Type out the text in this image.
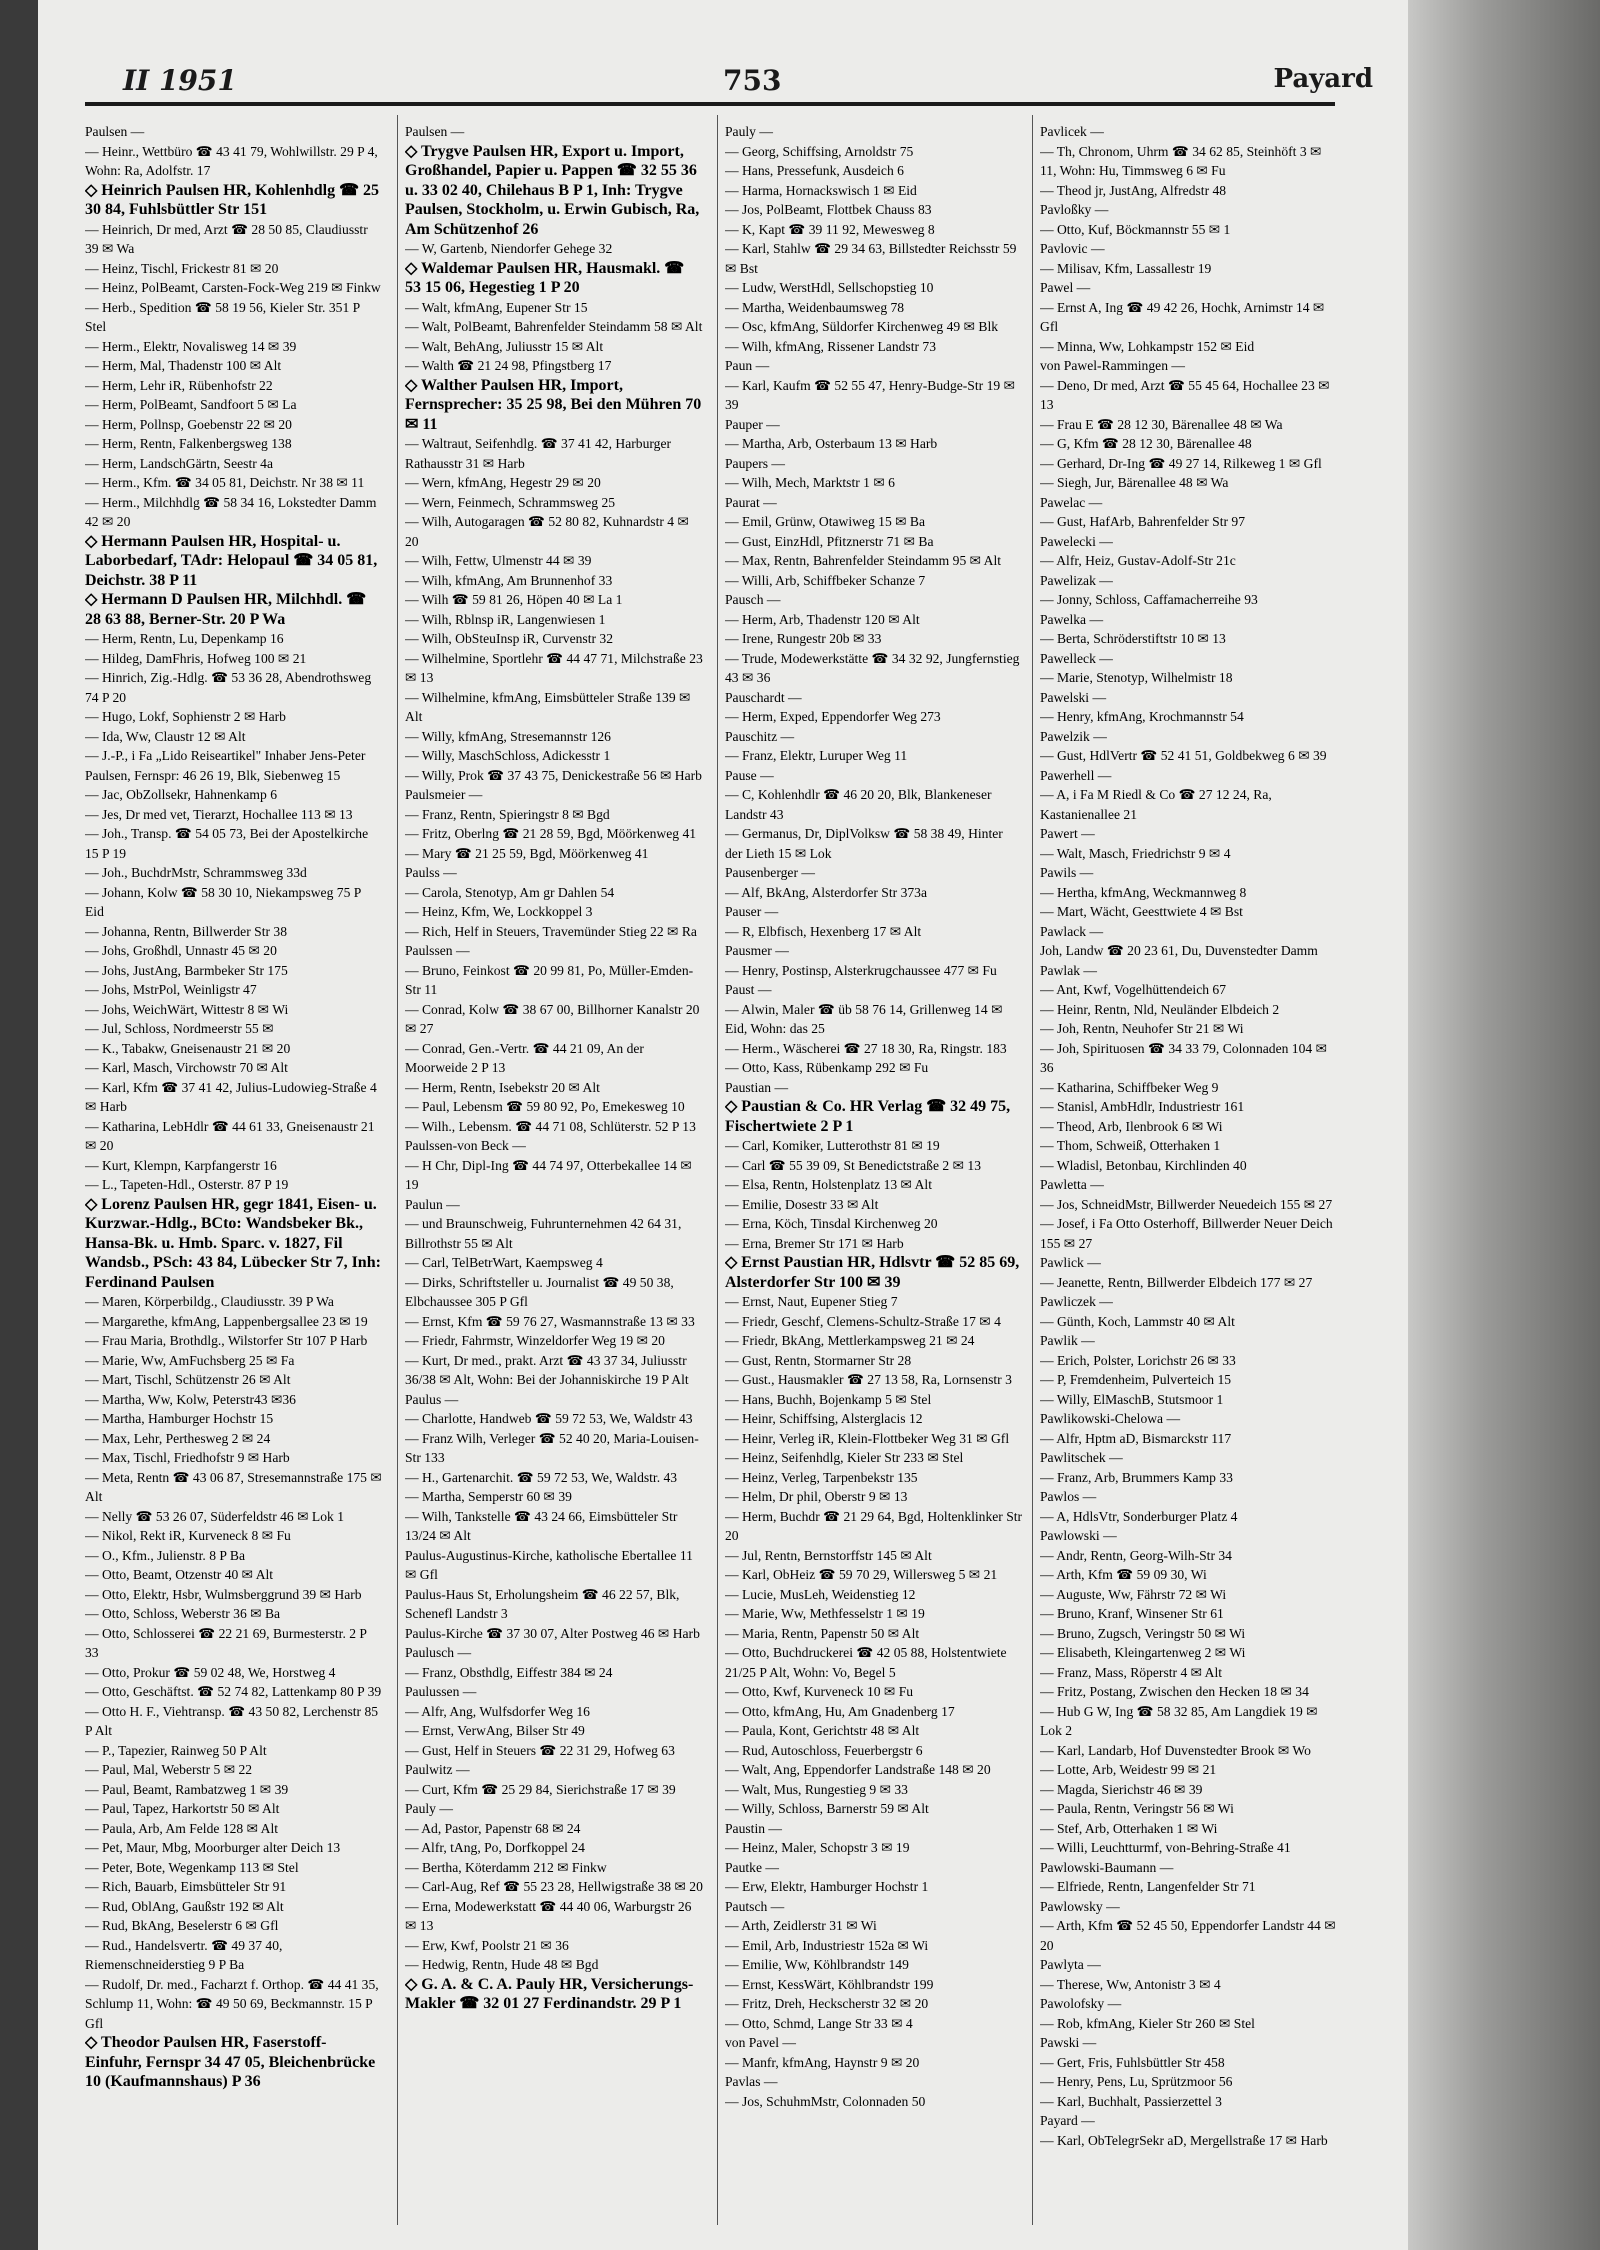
II 1951	753	Payard
Paulsen —
— Heinr., Wettbüro ☎ 43 41 79, Wohlwillstr. 29 P 4, Wohn: Ra, Adolfstr. 17
◇ Heinrich Paulsen HR, Kohlenhdlg ☎ 25 30 84, Fuhlsbüttler Str 151
— Heinrich, Dr med, Arzt ☎ 28 50 85, Claudiusstr 39 ✉ Wa
— Heinz, Tischl, Frickestr 81 ✉ 20
— Heinz, PolBeamt, Carsten-Fock-Weg 219 ✉ Finkw
— Herb., Spedition ☎ 58 19 56, Kieler Str. 351 P Stel
— Herm., Elektr, Novalisweg 14 ✉ 39
— Herm, Mal, Thadenstr 100 ✉ Alt
— Herm, Lehr iR, Rübenhofstr 22
— Herm, PolBeamt, Sandfoort 5 ✉ La
— Herm, Pollnsp, Goebenstr 22 ✉ 20
— Herm, Rentn, Falkenbergsweg 138
— Herm, LandschGärtn, Seestr 4a
— Herm., Kfm. ☎ 34 05 81, Deichstr. Nr 38 ✉ 11
— Herm., Milchhdlg ☎ 58 34 16, Lokstedter Damm 42 ✉ 20
◇ Hermann Paulsen HR, Hospital- u. Laborbedarf, TAdr: Helopaul ☎ 34 05 81, Deichstr. 38 P 11
◇ Hermann D Paulsen HR, Milchhdl. ☎ 28 63 88, Berner-Str. 20 P Wa
— Herm, Rentn, Lu, Depenkamp 16
— Hildeg, DamFhris, Hofweg 100 ✉ 21
— Hinrich, Zig.-Hdlg. ☎ 53 36 28, Abendrothsweg 74 P 20
— Hugo, Lokf, Sophienstr 2 ✉ Harb
— Ida, Ww, Claustr 12 ✉ Alt
— J.-P., i Fa „Lido Reiseartikel" Inhaber Jens-Peter Paulsen, Fernspr: 46 26 19, Blk, Siebenweg 15
— Jac, ObZollsekr, Hahnenkamp 6
— Jes, Dr med vet, Tierarzt, Hochallee 113 ✉ 13
— Joh., Transp. ☎ 54 05 73, Bei der Apostelkirche 15 P 19
— Joh., BuchdrMstr, Schrammsweg 33d
— Johann, Kolw ☎ 58 30 10, Niekampsweg 75 P Eid
— Johanna, Rentn, Billwerder Str 38
— Johs, Großhdl, Unnastr 45 ✉ 20
— Johs, JustAng, Barmbeker Str 175
— Johs, MstrPol, Weinligstr 47
— Johs, WeichWärt, Wittestr 8 ✉ Wi
— Jul, Schloss, Nordmeerstr 55 ✉
— K., Tabakw, Gneisenaustr 21 ✉ 20
— Karl, Masch, Virchowstr 70 ✉ Alt
— Karl, Kfm ☎ 37 41 42, Julius-Ludowieg-Straße 4 ✉ Harb
— Katharina, LebHdlr ☎ 44 61 33, Gneisenaustr 21 ✉ 20
— Kurt, Klempn, Karpfangerstr 16
— L., Tapeten-Hdl., Osterstr. 87 P 19
◇ Lorenz Paulsen HR, gegr 1841, Eisen- u. Kurzwar.-Hdlg., BCto: Wandsbeker Bk., Hansa-Bk. u. Hmb. Sparc. v. 1827, Fil Wandsb., PSch: 43 84, Lübecker Str 7, Inh: Ferdinand Paulsen
— Maren, Körperbildg., Claudiusstr. 39 P Wa
— Margarethe, kfmAng, Lappenbergsallee 23 ✉ 19
— Frau Maria, Brothdlg., Wilstorfer Str 107 P Harb
— Marie, Ww, AmFuchsberg 25 ✉ Fa
— Mart, Tischl, Schützenstr 26 ✉ Alt
— Martha, Ww, Kolw, Peterstr43 ✉36
— Martha, Hamburger Hochstr 15
— Max, Lehr, Perthesweg 2 ✉ 24
— Max, Tischl, Friedhofstr 9 ✉ Harb
— Meta, Rentn ☎ 43 06 87, Stresemannstraße 175 ✉ Alt
— Nelly ☎ 53 26 07, Süderfeldstr 46 ✉ Lok 1
— Nikol, Rekt iR, Kurveneck 8 ✉ Fu
— O., Kfm., Julienstr. 8 P Ba
— Otto, Beamt, Otzenstr 40 ✉ Alt
— Otto, Elektr, Hsbr, Wulmsberggrund 39 ✉ Harb
— Otto, Schloss, Weberstr 36 ✉ Ba
— Otto, Schlosserei ☎ 22 21 69, Burmesterstr. 2 P 33
— Otto, Prokur ☎ 59 02 48, We, Horstweg 4
— Otto, Geschäftst. ☎ 52 74 82, Lattenkamp 80 P 39
— Otto H. F., Viehtransp. ☎ 43 50 82, Lerchenstr 85 P Alt
— P., Tapezier, Rainweg 50 P Alt
— Paul, Mal, Weberstr 5 ✉ 22
— Paul, Beamt, Rambatzweg 1 ✉ 39
— Paul, Tapez, Harkortstr 50 ✉ Alt
— Paula, Arb, Am Felde 128 ✉ Alt
— Pet, Maur, Mbg, Moorburger alter Deich 13
— Peter, Bote, Wegenkamp 113 ✉ Stel
— Rich, Bauarb, Eimsbütteler Str 91
— Rud, OblAng, Gaußstr 192 ✉ Alt
— Rud, BkAng, Beselerstr 6 ✉ Gfl
— Rud., Handelsvertr. ☎ 49 37 40, Riemenschneiderstieg 9 P Ba
— Rudolf, Dr. med., Facharzt f. Orthop. ☎ 44 41 35, Schlump 11, Wohn: ☎ 49 50 69, Beckmannstr. 15 P Gfl
◇ Theodor Paulsen HR, Faserstoff-Einfuhr, Fernspr 34 47 05, Bleichenbrücke 10 (Kaufmannshaus) P 36
Paulsen —
◇ Trygve Paulsen HR, Export u. Import, Großhandel, Papier u. Pappen ☎ 32 55 36 u. 33 02 40, Chilehaus B P 1, Inh: Trygve Paulsen, Stockholm, u. Erwin Gubisch, Ra, Am Schützenhof 26
— W, Gartenb, Niendorfer Gehege 32
◇ Waldemar Paulsen HR, Hausmakl. ☎ 53 15 06, Hegestieg 1 P 20
— Walt, kfmAng, Eupener Str 15
— Walt, PolBeamt, Bahrenfelder Steindamm 58 ✉ Alt
— Walt, BehAng, Juliusstr 15 ✉ Alt
— Walth ☎ 21 24 98, Pfingstberg 17
◇ Walther Paulsen HR, Import, Fernsprecher: 35 25 98, Bei den Mühren 70 ✉ 11
— Waltraut, Seifenhdlg. ☎ 37 41 42, Harburger Rathausstr 31 ✉ Harb
— Wern, kfmAng, Hegestr 29 ✉ 20
— Wern, Feinmech, Schrammsweg 25
— Wilh, Autogaragen ☎ 52 80 82, Kuhnardstr 4 ✉ 20
— Wilh, Fettw, Ulmenstr 44 ✉ 39
— Wilh, kfmAng, Am Brunnenhof 33
— Wilh ☎ 59 81 26, Höpen 40 ✉ La 1
— Wilh, Rblnsp iR, Langenwiesen 1
— Wilh, ObSteuInsp iR, Curvenstr 32
— Wilhelmine, Sportlehr ☎ 44 47 71, Milchstraße 23 ✉ 13
— Wilhelmine, kfmAng, Eimsbütteler Straße 139 ✉ Alt
— Willy, kfmAng, Stresemannstr 126
— Willy, MaschSchloss, Adickesstr 1
— Willy, Prok ☎ 37 43 75, Denickestraße 56 ✉ Harb
Paulsmeier —
— Franz, Rentn, Spieringstr 8 ✉ Bgd
— Fritz, Oberlng ☎ 21 28 59, Bgd, Möörkenweg 41
— Mary ☎ 21 25 59, Bgd, Möörkenweg 41
Paulss —
— Carola, Stenotyp, Am gr Dahlen 54
— Heinz, Kfm, We, Lockkoppel 3
— Rich, Helf in Steuers, Travemünder Stieg 22 ✉ Ra
Paulssen —
— Bruno, Feinkost ☎ 20 99 81, Po, Müller-Emden-Str 11
— Conrad, Kolw ☎ 38 67 00, Billhorner Kanalstr 20 ✉ 27
— Conrad, Gen.-Vertr. ☎ 44 21 09, An der Moorweide 2 P 13
— Herm, Rentn, Isebekstr 20 ✉ Alt
— Paul, Lebensm ☎ 59 80 92, Po, Emekesweg 10
— Wilh., Lebensm. ☎ 44 71 08, Schlüterstr. 52 P 13
Paulssen-von Beck —
— H Chr, Dipl-Ing ☎ 44 74 97, Otterbekallee 14 ✉ 19
Paulun —
— und Braunschweig, Fuhrunternehmen 42 64 31, Billrothstr 55 ✉ Alt
— Carl, TelBetrWart, Kaempsweg 4
— Dirks, Schriftsteller u. Journalist ☎ 49 50 38, Elbchaussee 305 P Gfl
— Ernst, Kfm ☎ 59 76 27, Wasmannstraße 13 ✉ 33
— Friedr, Fahrmstr, Winzeldorfer Weg 19 ✉ 20
— Kurt, Dr med., prakt. Arzt ☎ 43 37 34, Juliusstr 36/38 ✉ Alt, Wohn: Bei der Johanniskirche 19 P Alt
Paulus —
— Charlotte, Handweb ☎ 59 72 53, We, Waldstr 43
— Franz Wilh, Verleger ☎ 52 40 20, Maria-Louisen-Str 133
— H., Gartenarchit. ☎ 59 72 53, We, Waldstr. 43
— Martha, Semperstr 60 ✉ 39
— Wilh, Tankstelle ☎ 43 24 66, Eimsbütteler Str 13/24 ✉ Alt
Paulus-Augustinus-Kirche, katholische Ebertallee 11 ✉ Gfl
Paulus-Haus St, Erholungsheim ☎ 46 22 57, Blk, Schenefl Landstr 3
Paulus-Kirche ☎ 37 30 07, Alter Postweg 46 ✉ Harb
Paulusch —
— Franz, Obsthdlg, Eiffestr 384 ✉ 24
Paulussen —
— Alfr, Ang, Wulfsdorfer Weg 16
— Ernst, VerwAng, Bilser Str 49
— Gust, Helf in Steuers ☎ 22 31 29, Hofweg 63
Paulwitz —
— Curt, Kfm ☎ 25 29 84, Sierichstraße 17 ✉ 39
Pauly —
— Ad, Pastor, Papenstr 68 ✉ 24
— Alfr, tAng, Po, Dorfkoppel 24
— Bertha, Köterdamm 212 ✉ Finkw
— Carl-Aug, Ref ☎ 55 23 28, Hellwigstraße 38 ✉ 20
— Erna, Modewerkstatt ☎ 44 40 06, Warburgstr 26 ✉ 13
— Erw, Kwf, Poolstr 21 ✉ 36
— Hedwig, Rentn, Hude 48 ✉ Bgd
◇ G. A. & C. A. Pauly HR, Versicherungs-Makler ☎ 32 01 27 Ferdinandstr. 29 P 1
Pauly —
— Georg, Schiffsing, Arnoldstr 75
— Hans, Pressefunk, Ausdeich 6
— Harma, Hornackswisch 1 ✉ Eid
— Jos, PolBeamt, Flottbek Chauss 83
— K, Kapt ☎ 39 11 92, Mewesweg 8
— Karl, Stahlw ☎ 29 34 63, Billstedter Reichsstr 59 ✉ Bst
— Ludw, WerstHdl, Sellschopstieg 10
— Martha, Weidenbaumsweg 78
— Osc, kfmAng, Süldorfer Kirchenweg 49 ✉ Blk
— Wilh, kfmAng, Rissener Landstr 73
Paun —
— Karl, Kaufm ☎ 52 55 47, Henry-Budge-Str 19 ✉ 39
Pauper —
— Martha, Arb, Osterbaum 13 ✉ Harb
Paupers —
— Wilh, Mech, Marktstr 1 ✉ 6
Paurat —
— Emil, Grünw, Otawiweg 15 ✉ Ba
— Gust, EinzHdl, Pfitznerstr 71 ✉ Ba
— Max, Rentn, Bahrenfelder Steindamm 95 ✉ Alt
— Willi, Arb, Schiffbeker Schanze 7
Pausch —
— Herm, Arb, Thadenstr 120 ✉ Alt
— Irene, Rungestr 20b ✉ 33
— Trude, Modewerkstätte ☎ 34 32 92, Jungfernstieg 43 ✉ 36
Pauschardt —
— Herm, Exped, Eppendorfer Weg 273
Pauschitz —
— Franz, Elektr, Luruper Weg 11
Pause —
— C, Kohlenhdlr ☎ 46 20 20, Blk, Blankeneser Landstr 43
— Germanus, Dr, DiplVolksw ☎ 58 38 49, Hinter der Lieth 15 ✉ Lok
Pausenberger —
— Alf, BkAng, Alsterdorfer Str 373a
Pauser —
— R, Elbfisch, Hexenberg 17 ✉ Alt
Pausmer —
— Henry, Postinsp, Alsterkrugchaussee 477 ✉ Fu
Paust —
— Alwin, Maler ☎ üb 58 76 14, Grillenweg 14 ✉ Eid, Wohn: das 25
— Herm., Wäscherei ☎ 27 18 30, Ra, Ringstr. 183
— Otto, Kass, Rübenkamp 292 ✉ Fu
Paustian —
◇ Paustian & Co. HR Verlag ☎ 32 49 75, Fischertwiete 2 P 1
— Carl, Komiker, Lutterothstr 81 ✉ 19
— Carl ☎ 55 39 09, St Benedictstraße 2 ✉ 13
— Elsa, Rentn, Holstenplatz 13 ✉ Alt
— Emilie, Dosestr 33 ✉ Alt
— Erna, Köch, Tinsdal Kirchenweg 20
— Erna, Bremer Str 171 ✉ Harb
◇ Ernst Paustian HR, Hdlsvtr ☎ 52 85 69, Alsterdorfer Str 100 ✉ 39
— Ernst, Naut, Eupener Stieg 7
— Friedr, Geschf, Clemens-Schultz-Straße 17 ✉ 4
— Friedr, BkAng, Mettlerkampsweg 21 ✉ 24
— Gust, Rentn, Stormarner Str 28
— Gust., Hausmakler ☎ 27 13 58, Ra, Lornsenstr 3
— Hans, Buchh, Bojenkamp 5 ✉ Stel
— Heinr, Schiffsing, Alsterglacis 12
— Heinr, Verleg iR, Klein-Flottbeker Weg 31 ✉ Gfl
— Heinz, Seifenhdlg, Kieler Str 233 ✉ Stel
— Heinz, Verleg, Tarpenbekstr 135
— Helm, Dr phil, Oberstr 9 ✉ 13
— Herm, Buchdr ☎ 21 29 64, Bgd, Holtenklinker Str 20
— Jul, Rentn, Bernstorffstr 145 ✉ Alt
— Karl, ObHeiz ☎ 59 70 29, Willersweg 5 ✉ 21
— Lucie, MusLeh, Weidenstieg 12
— Marie, Ww, Methfesselstr 1 ✉ 19
— Maria, Rentn, Papenstr 50 ✉ Alt
— Otto, Buchdruckerei ☎ 42 05 88, Holstentwiete 21/25 P Alt, Wohn: Vo, Begel 5
— Otto, Kwf, Kurveneck 10 ✉ Fu
— Otto, kfmAng, Hu, Am Gnadenberg 17
— Paula, Kont, Gerichtstr 48 ✉ Alt
— Rud, Autoschloss, Feuerbergstr 6
— Walt, Ang, Eppendorfer Landstraße 148 ✉ 20
— Walt, Mus, Rungestieg 9 ✉ 33
— Willy, Schloss, Barnerstr 59 ✉ Alt
Paustin —
— Heinz, Maler, Schopstr 3 ✉ 19
Pautke —
— Erw, Elektr, Hamburger Hochstr 1
Pautsch —
— Arth, Zeidlerstr 31 ✉ Wi
— Emil, Arb, Industriestr 152a ✉ Wi
— Emilie, Ww, Köhlbrandstr 149
— Ernst, KessWärt, Köhlbrandstr 199
— Fritz, Dreh, Heckscherstr 32 ✉ 20
— Otto, Schmd, Lange Str 33 ✉ 4
von Pavel —
— Manfr, kfmAng, Haynstr 9 ✉ 20
Pavlas —
— Jos, SchuhmMstr, Colonnaden 50
Pavlicek —
— Th, Chronom, Uhrm ☎ 34 62 85, Steinhöft 3 ✉ 11, Wohn: Hu, Timmsweg 6 ✉ Fu
— Theod jr, JustAng, Alfredstr 48
Pavloßky —
— Otto, Kuf, Böckmannstr 55 ✉ 1
Pavlovic —
— Milisav, Kfm, Lassallestr 19
Pawel —
— Ernst A, Ing ☎ 49 42 26, Hochk, Arnimstr 14 ✉ Gfl
— Minna, Ww, Lohkampstr 152 ✉ Eid
von Pawel-Rammingen —
— Deno, Dr med, Arzt ☎ 55 45 64, Hochallee 23 ✉ 13
— Frau E ☎ 28 12 30, Bärenallee 48 ✉ Wa
— G, Kfm ☎ 28 12 30, Bärenallee 48
— Gerhard, Dr-Ing ☎ 49 27 14, Rilkeweg 1 ✉ Gfl
— Siegh, Jur, Bärenallee 48 ✉ Wa
Pawelac —
— Gust, HafArb, Bahrenfelder Str 97
Pawelecki —
— Alfr, Heiz, Gustav-Adolf-Str 21c
Pawelizak —
— Jonny, Schloss, Caffamacherreihe 93
Pawelka —
— Berta, Schröderstiftstr 10 ✉ 13
Pawelleck —
— Marie, Stenotyp, Wilhelmistr 18
Pawelski —
— Henry, kfmAng, Krochmannstr 54
Pawelzik —
— Gust, HdlVertr ☎ 52 41 51, Goldbekweg 6 ✉ 39
Pawerhell —
— A, i Fa M Riedl & Co ☎ 27 12 24, Ra, Kastanienallee 21
Pawert —
— Walt, Masch, Friedrichstr 9 ✉ 4
Pawils —
— Hertha, kfmAng, Weckmannweg 8
— Mart, Wächt, Geesttwiete 4 ✉ Bst
Pawlack —
Joh, Landw ☎ 20 23 61, Du, Duvenstedter Damm
Pawlak —
— Ant, Kwf, Vogelhüttendeich 67
— Heinr, Rentn, Nld, Neuländer Elbdeich 2
— Joh, Rentn, Neuhofer Str 21 ✉ Wi
— Joh, Spirituosen ☎ 34 33 79, Colonnaden 104 ✉ 36
— Katharina, Schiffbeker Weg 9
— Stanisl, AmbHdlr, Industriestr 161
— Theod, Arb, Ilenbrook 6 ✉ Wi
— Thom, Schweiß, Otterhaken 1
— Wladisl, Betonbau, Kirchlinden 40
Pawletta —
— Jos, SchneidMstr, Billwerder Neuedeich 155 ✉ 27
— Josef, i Fa Otto Osterhoff, Billwerder Neuer Deich 155 ✉ 27
Pawlick —
— Jeanette, Rentn, Billwerder Elbdeich 177 ✉ 27
Pawliczek —
— Günth, Koch, Lammstr 40 ✉ Alt
Pawlik —
— Erich, Polster, Lorichstr 26 ✉ 33
— P, Fremdenheim, Pulverteich 15
— Willy, ElMaschB, Stutsmoor 1
Pawlikowski-Chelowa —
— Alfr, Hptm aD, Bismarckstr 117
Pawlitschek —
— Franz, Arb, Brummers Kamp 33
Pawlos —
— A, HdlsVtr, Sonderburger Platz 4
Pawlowski —
— Andr, Rentn, Georg-Wilh-Str 34
— Arth, Kfm ☎ 59 09 30, Wi
— Auguste, Ww, Fährstr 72 ✉ Wi
— Bruno, Kranf, Winsener Str 61
— Bruno, Zugsch, Veringstr 50 ✉ Wi
— Elisabeth, Kleingartenweg 2 ✉ Wi
— Franz, Mass, Röperstr 4 ✉ Alt
— Fritz, Postang, Zwischen den Hecken 18 ✉ 34
— Hub G W, Ing ☎ 58 32 85, Am Langdiek 19 ✉ Lok 2
— Karl, Landarb, Hof Duvenstedter Brook ✉ Wo
— Lotte, Arb, Weidestr 99 ✉ 21
— Magda, Sierichstr 46 ✉ 39
— Paula, Rentn, Veringstr 56 ✉ Wi
— Stef, Arb, Otterhaken 1 ✉ Wi
— Willi, Leuchtturmf, von-Behring-Straße 41
Pawlowski-Baumann —
— Elfriede, Rentn, Langenfelder Str 71
Pawlowsky —
— Arth, Kfm ☎ 52 45 50, Eppendorfer Landstr 44 ✉ 20
Pawlyta —
— Therese, Ww, Antonistr 3 ✉ 4
Pawolofsky —
— Rob, kfmAng, Kieler Str 260 ✉ Stel
Pawski —
— Gert, Fris, Fuhlsbüttler Str 458
— Henry, Pens, Lu, Sprützmoor 56
— Karl, Buchhalt, Passierzettel 3
Payard —
— Karl, ObTelegrSekr aD, Mergellstraße 17 ✉ Harb
